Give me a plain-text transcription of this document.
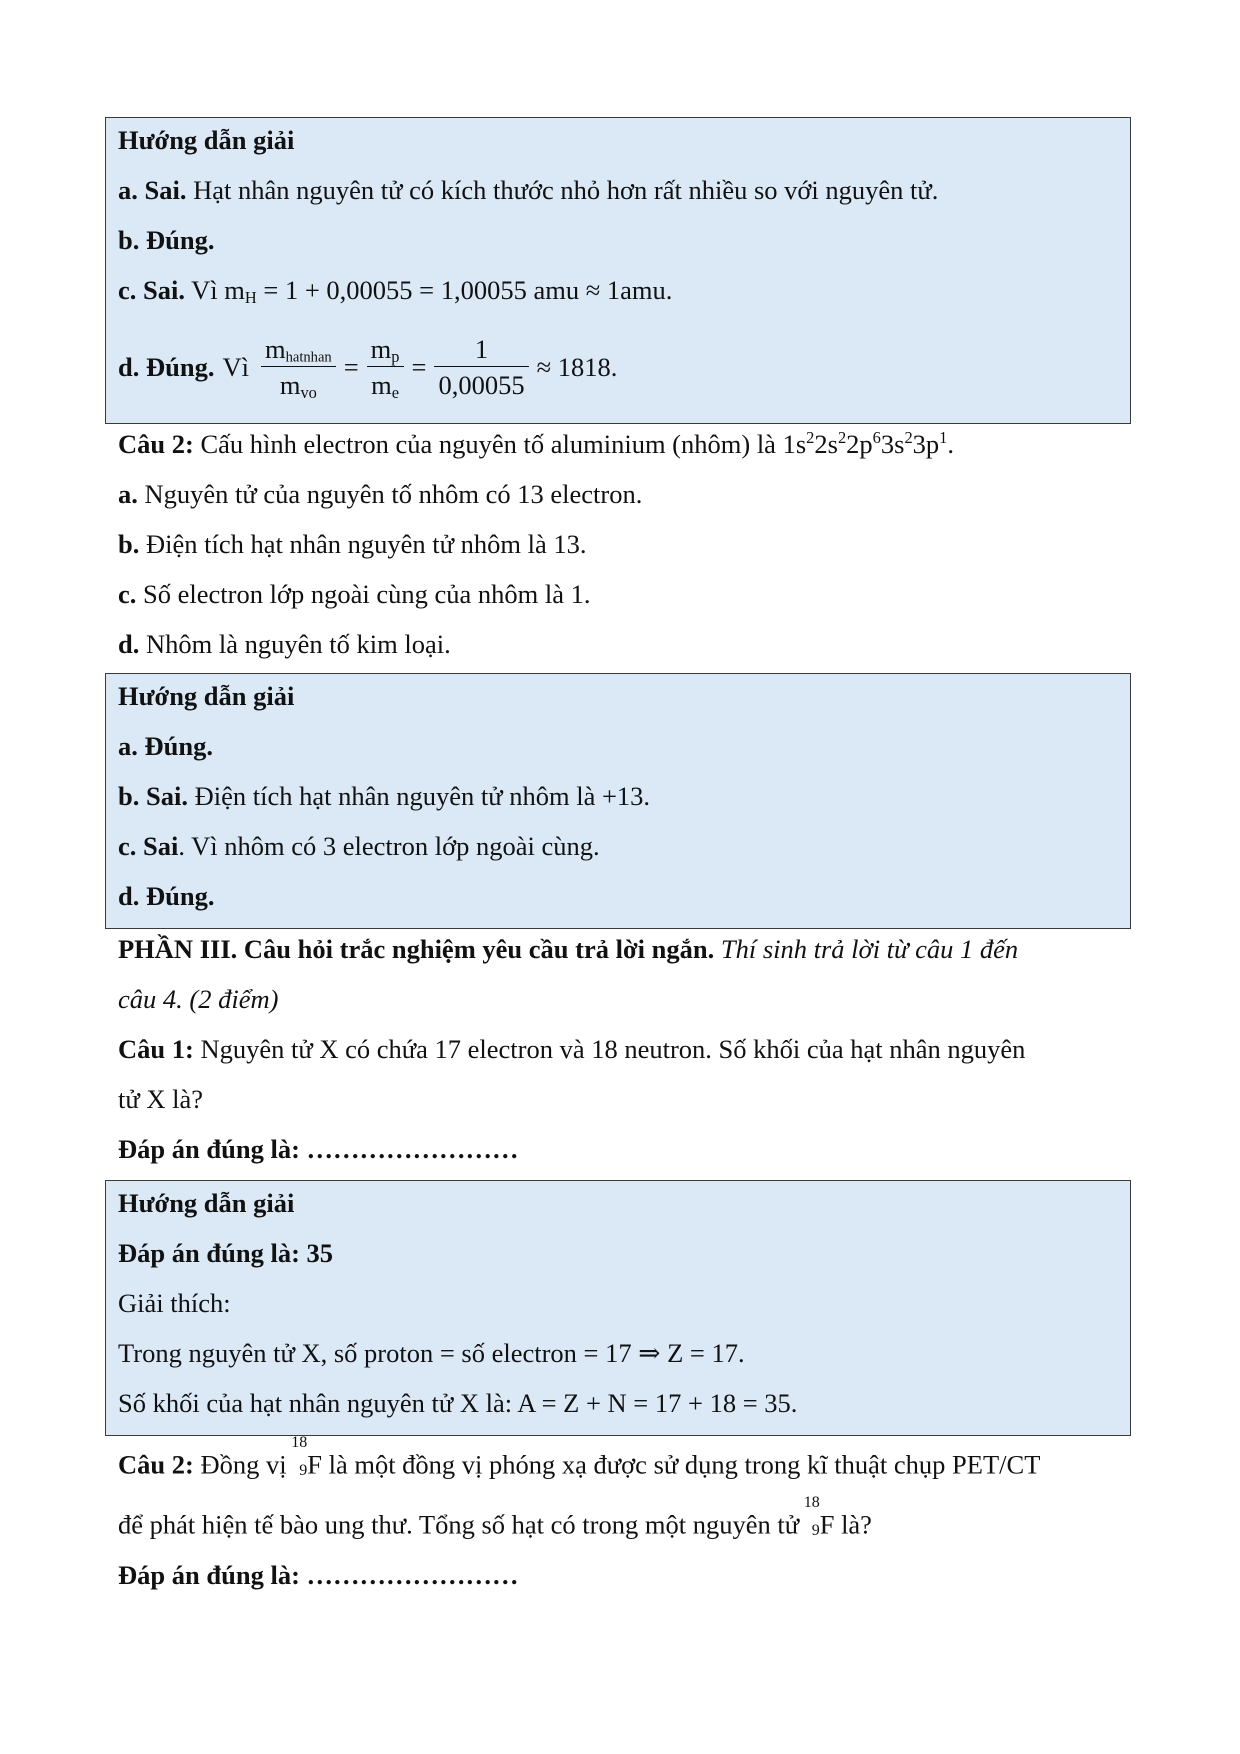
Hướng dẫn giải
a. Sai. Hạt nhân nguyên tử có kích thước nhỏ hơn rất nhiều so với nguyên tử.
b. Đúng.
c. Sai. Vì $m_H = 1 + 0,00055 = 1,00055$ amu ≈ 1amu.
d. Đúng. Vì $\frac{m_{hatnhan}}{m_{vo}} = \frac{m_p}{m_e} = \frac{1}{0,00055} \approx 1818$.
Câu 2: Cấu hình electron của nguyên tố aluminium (nhôm) là $1s^22s^22p^63s^23p^1$.
a. Nguyên tử của nguyên tố nhôm có 13 electron.
b. Điện tích hạt nhân nguyên tử nhôm là 13.
c. Số electron lớp ngoài cùng của nhôm là 1.
d. Nhôm là nguyên tố kim loại.
Hướng dẫn giải
a. Đúng.
b. Sai. Điện tích hạt nhân nguyên tử nhôm là +13.
c. Sai. Vì nhôm có 3 electron lớp ngoài cùng.
d. Đúng.
PHẦN III. Câu hỏi trắc nghiệm yêu cầu trả lời ngắn. Thí sinh trả lời từ câu 1 đến
câu 4. (2 điểm)
Câu 1: Nguyên tử X có chứa 17 electron và 18 neutron. Số khối của hạt nhân nguyên
tử X là?
Đáp án đúng là: ……………………
Hướng dẫn giải
Đáp án đúng là: 35
Giải thích:
Trong nguyên tử X, số proton = số electron = 17 ⇒ Z = 17.
Số khối của hạt nhân nguyên tử X là: A = Z + N = 17 + 18 = 35.
Câu 2: Đồng vị
18
9 F là một đồng vị phóng xạ được sử dụng trong kĩ thuật chụp PET/CT
để phát hiện tế bào ung thư. Tổng số hạt có trong một nguyên tử
18
9 F là?
Đáp án đúng là: ……………………
